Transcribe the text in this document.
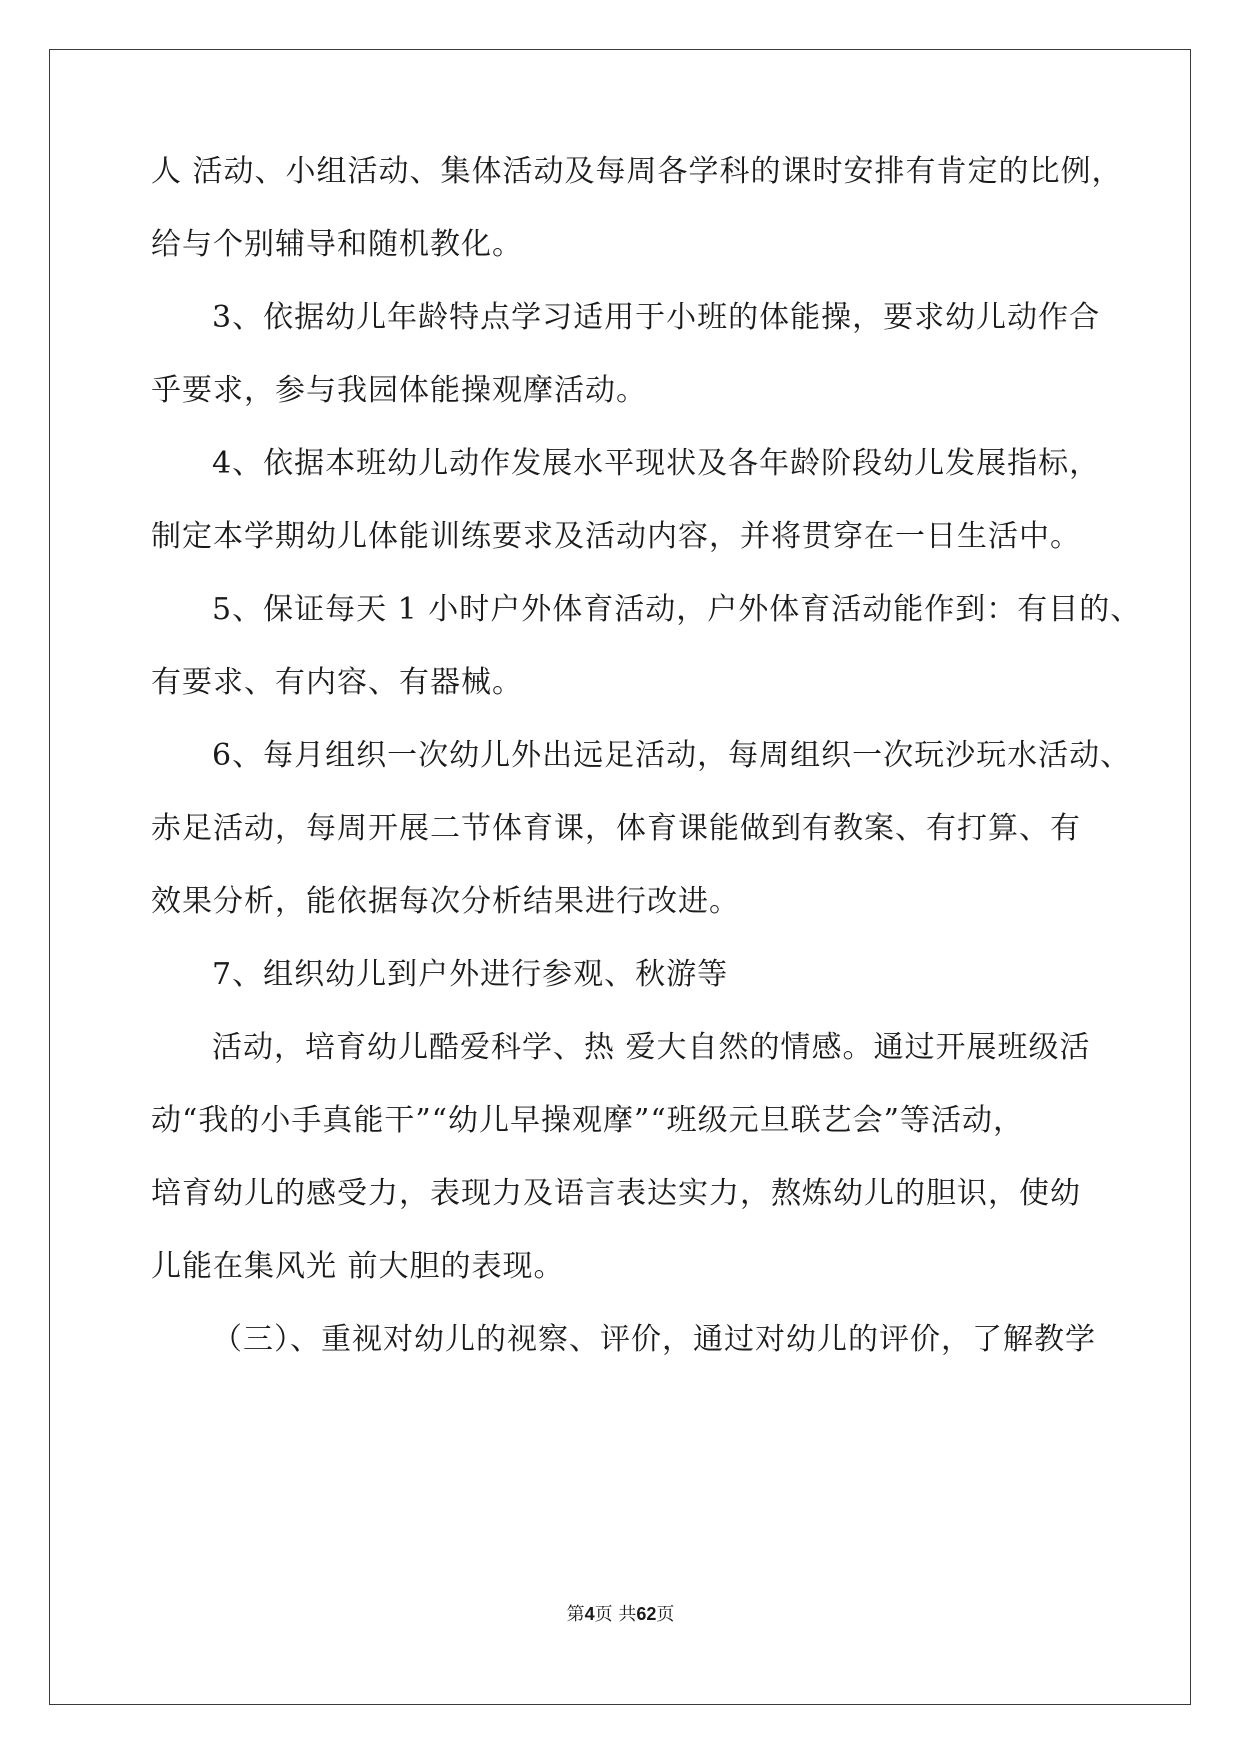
人 活动、小组活动、集体活动及每周各学科的课时安排有肯定的比例，

给与个别辅导和随机教化。

3、依据幼儿年龄特点学习适用于小班的体能操，要求幼儿动作合

乎要求，参与我园体能操观摩活动。

4、依据本班幼儿动作发展水平现状及各年龄阶段幼儿发展指标，

制定本学期幼儿体能训练要求及活动内容，并将贯穿在一日生活中。

5、保证每天 1 小时户外体育活动，户外体育活动能作到：有目的、

有要求、有内容、有器械。

6、每月组织一次幼儿外出远足活动，每周组织一次玩沙玩水活动、

赤足活动，每周开展二节体育课，体育课能做到有教案、有打算、有

效果分析，能依据每次分析结果进行改进。

7、组织幼儿到户外进行参观、秋游等

活动，培育幼儿酷爱科学、热 爱大自然的情感。通过开展班级活

动“我的小手真能干”“幼儿早操观摩”“班级元旦联艺会”等活动，

培育幼儿的感受力，表现力及语言表达实力，熬炼幼儿的胆识，使幼

儿能在集风光 前大胆的表现。

（三）、重视对幼儿的视察、评价，通过对幼儿的评价，了解教学

第4页 共62页
